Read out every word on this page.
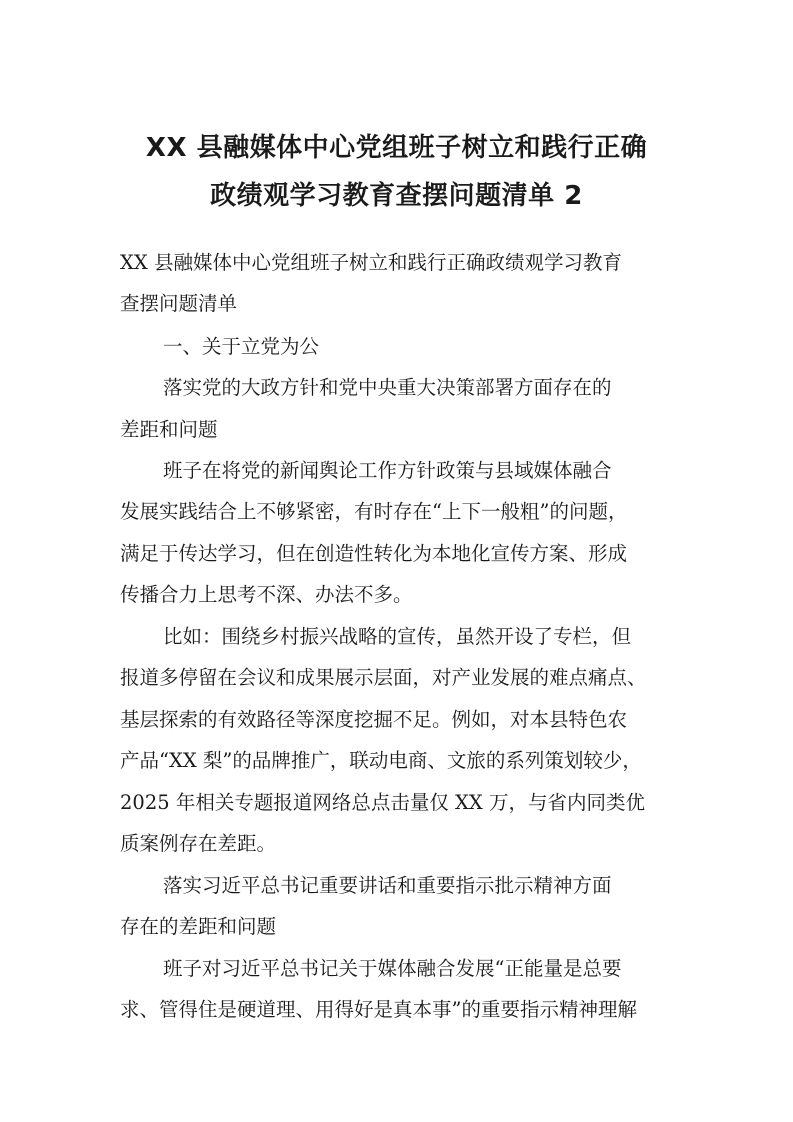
XX 县融媒体中心党组班子树立和践行正确
政绩观学习教育查摆问题清单 2

XX 县融媒体中心党组班子树立和践行正确政绩观学习教育

查摆问题清单

一、关于立党为公

落实党的大政方针和党中央重大决策部署方面存在的

差距和问题

班子在将党的新闻舆论工作方针政策与县域媒体融合

发展实践结合上不够紧密，有时存在“上下一般粗”的问题，

满足于传达学习，但在创造性转化为本地化宣传方案、形成

传播合力上思考不深、办法不多。

比如：围绕乡村振兴战略的宣传，虽然开设了专栏，但

报道多停留在会议和成果展示层面，对产业发展的难点痛点、

基层探索的有效路径等深度挖掘不足。例如，对本县特色农

产品“XX 梨”的品牌推广，联动电商、文旅的系列策划较少，

2025 年相关专题报道网络总点击量仅 XX 万，与省内同类优

质案例存在差距。

落实习近平总书记重要讲话和重要指示批示精神方面

存在的差距和问题

班子对习近平总书记关于媒体融合发展“正能量是总要

求、管得住是硬道理、用得好是真本事”的重要指示精神理解
